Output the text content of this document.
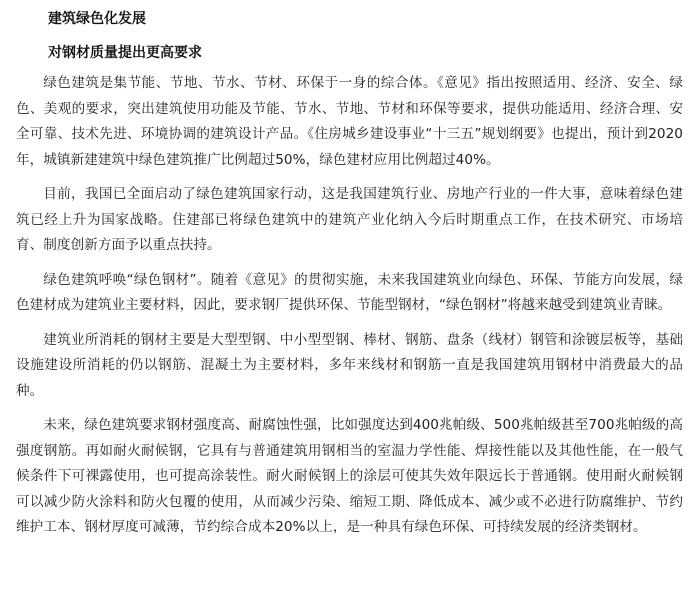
建筑绿色化发展

对钢材质量提出更高要求

绿色建筑是集节能、节地、节水、节材、环保于一身的综合体。《意见》指出按照适用、经济、安全、绿色、美观的要求，突出建筑使用功能及节能、节水、节地、节材和环保等要求，提供功能适用、经济合理、安全可靠、技术先进、环境协调的建筑设计产品。《住房城乡建设事业“十三五”规划纲要》也提出，预计到2020年，城镇新建建筑中绿色建筑推广比例超过50%，绿色建材应用比例超过40%。

目前，我国已全面启动了绿色建筑国家行动，这是我国建筑行业、房地产行业的一件大事，意味着绿色建筑已经上升为国家战略。住建部已将绿色建筑中的建筑产业化纳入今后时期重点工作，在技术研究、市场培育、制度创新方面予以重点扶持。

绿色建筑呼唤“绿色钢材”。随着《意见》的贯彻实施，未来我国建筑业向绿色、环保、节能方向发展，绿色建材成为建筑业主要材料，因此，要求钢厂提供环保、节能型钢材，“绿色钢材”将越来越受到建筑业青睐。

建筑业所消耗的钢材主要是大型型钢、中小型型钢、棒材、钢筋、盘条（线材）钢管和涂镀层板等，基础设施建设所消耗的仍以钢筋、混凝土为主要材料，多年来线材和钢筋一直是我国建筑用钢材中消费最大的品种。

未来，绿色建筑要求钢材强度高、耐腐蚀性强，比如强度达到400兆帕级、500兆帕级甚至700兆帕级的高强度钢筋。再如耐火耐候钢，它具有与普通建筑用钢相当的室温力学性能、焊接性能以及其他性能，在一般气候条件下可裸露使用，也可提高涂装性。耐火耐候钢上的涂层可使其失效年限远长于普通钢。使用耐火耐候钢可以减少防火涂料和防火包覆的使用，从而减少污染、缩短工期、降低成本、减少或不必进行防腐维护、节约维护工本、钢材厚度可减薄，节约综合成本20%以上，是一种具有绿色环保、可持续发展的经济类钢材。
